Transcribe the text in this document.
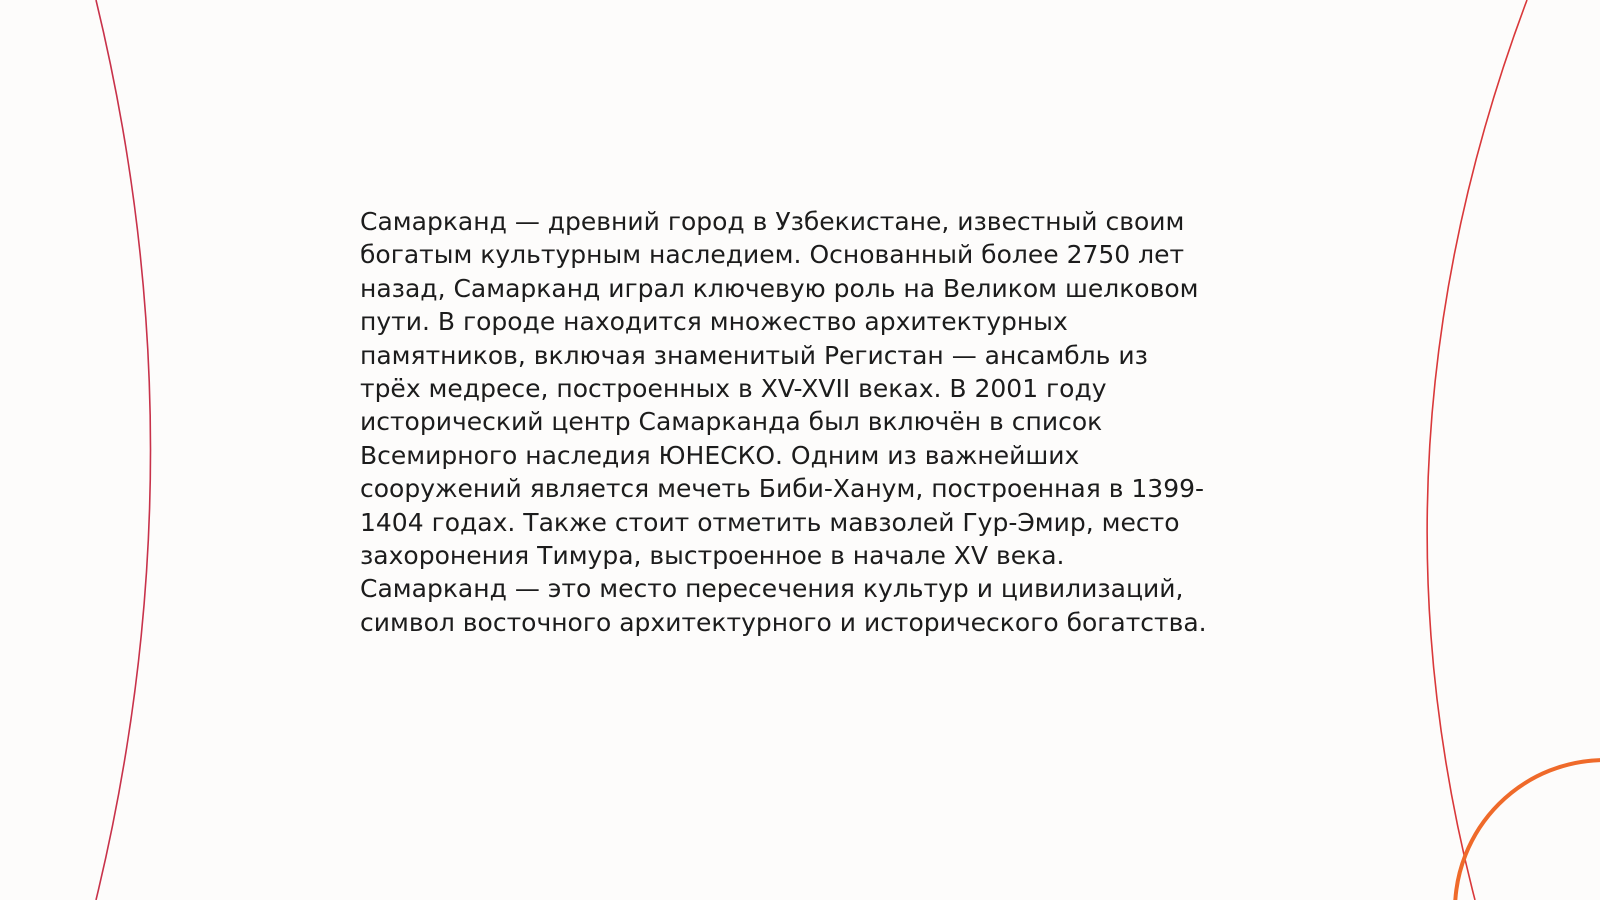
Самарканд — древний город в Узбекистане, известный своим
богатым культурным наследием. Основанный более 2750 лет
назад, Самарканд играл ключевую роль на Великом шелковом
пути. В городе находится множество архитектурных
памятников, включая знаменитый Регистан — ансамбль из
трёх медресе, построенных в XV-XVII веках. В 2001 году
исторический центр Самарканда был включён в список
Всемирного наследия ЮНЕСКО. Одним из важнейших
сооружений является мечеть Биби-Ханум, построенная в 1399-
1404 годах. Также стоит отметить мавзолей Гур-Эмир, место
захоронения Тимура, выстроенное в начале XV века.
Самарканд — это место пересечения культур и цивилизаций,
символ восточного архитектурного и исторического богатства.
